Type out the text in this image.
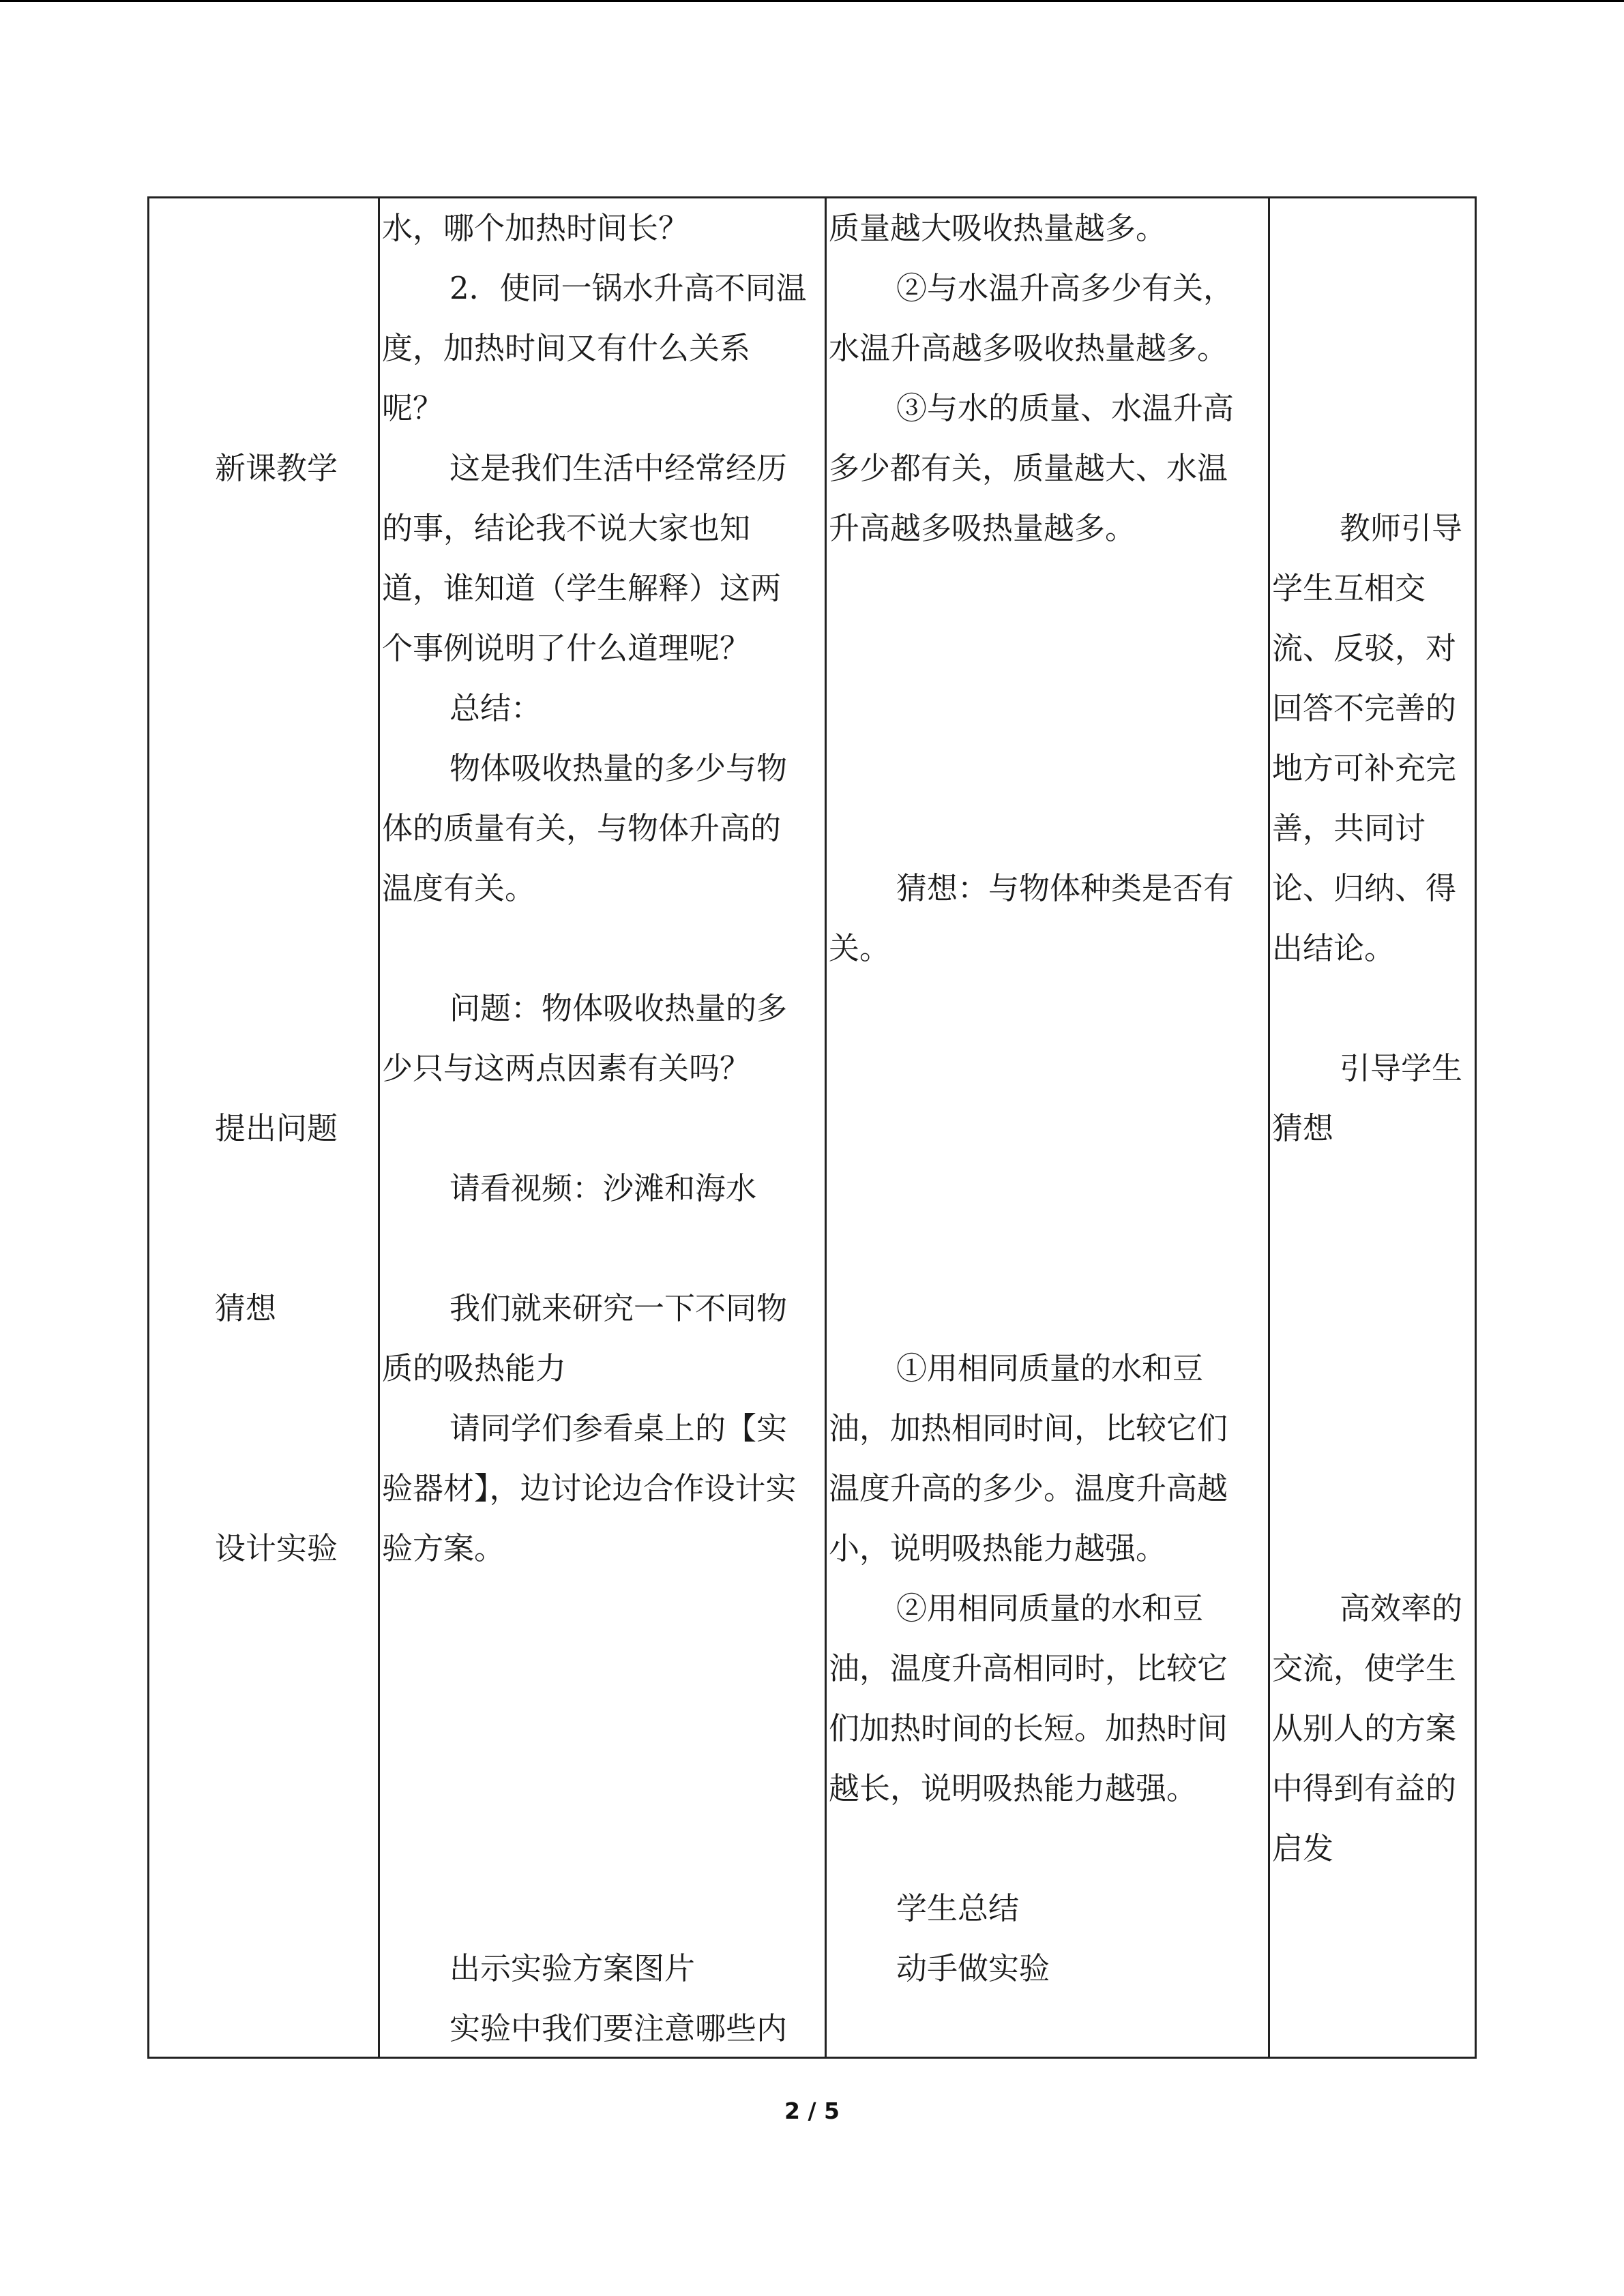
新课教学
提出问题
猜想
设计实验
水，哪个加热时间长？
2．使同一锅水升高不同温
度，加热时间又有什么关系
呢？
这是我们生活中经常经历
的事，结论我不说大家也知
道，谁知道（学生解释）这两
个事例说明了什么道理呢？
总结：
物体吸收热量的多少与物
体的质量有关，与物体升高的
温度有关。
问题：物体吸收热量的多
少只与这两点因素有关吗？
请看视频：沙滩和海水
我们就来研究一下不同物
质的吸热能力
请同学们参看桌上的【实
验器材】，边讨论边合作设计实
验方案。
出示实验方案图片
实验中我们要注意哪些内
质量越大吸收热量越多。
②与水温升高多少有关，
水温升高越多吸收热量越多。
③与水的质量、水温升高
多少都有关，质量越大、水温
升高越多吸热量越多。
猜想：与物体种类是否有
关。
①用相同质量的水和豆
油，加热相同时间，比较它们
温度升高的多少。温度升高越
小，说明吸热能力越强。
②用相同质量的水和豆
油，温度升高相同时，比较它
们加热时间的长短。加热时间
越长，说明吸热能力越强。
学生总结
动手做实验
教师引导
学生互相交
流、反驳，对
回答不完善的
地方可补充完
善，共同讨
论、归纳、得
出结论。
引导学生
猜想
高效率的
交流，使学生
从别人的方案
中得到有益的
启发
2 / 5
